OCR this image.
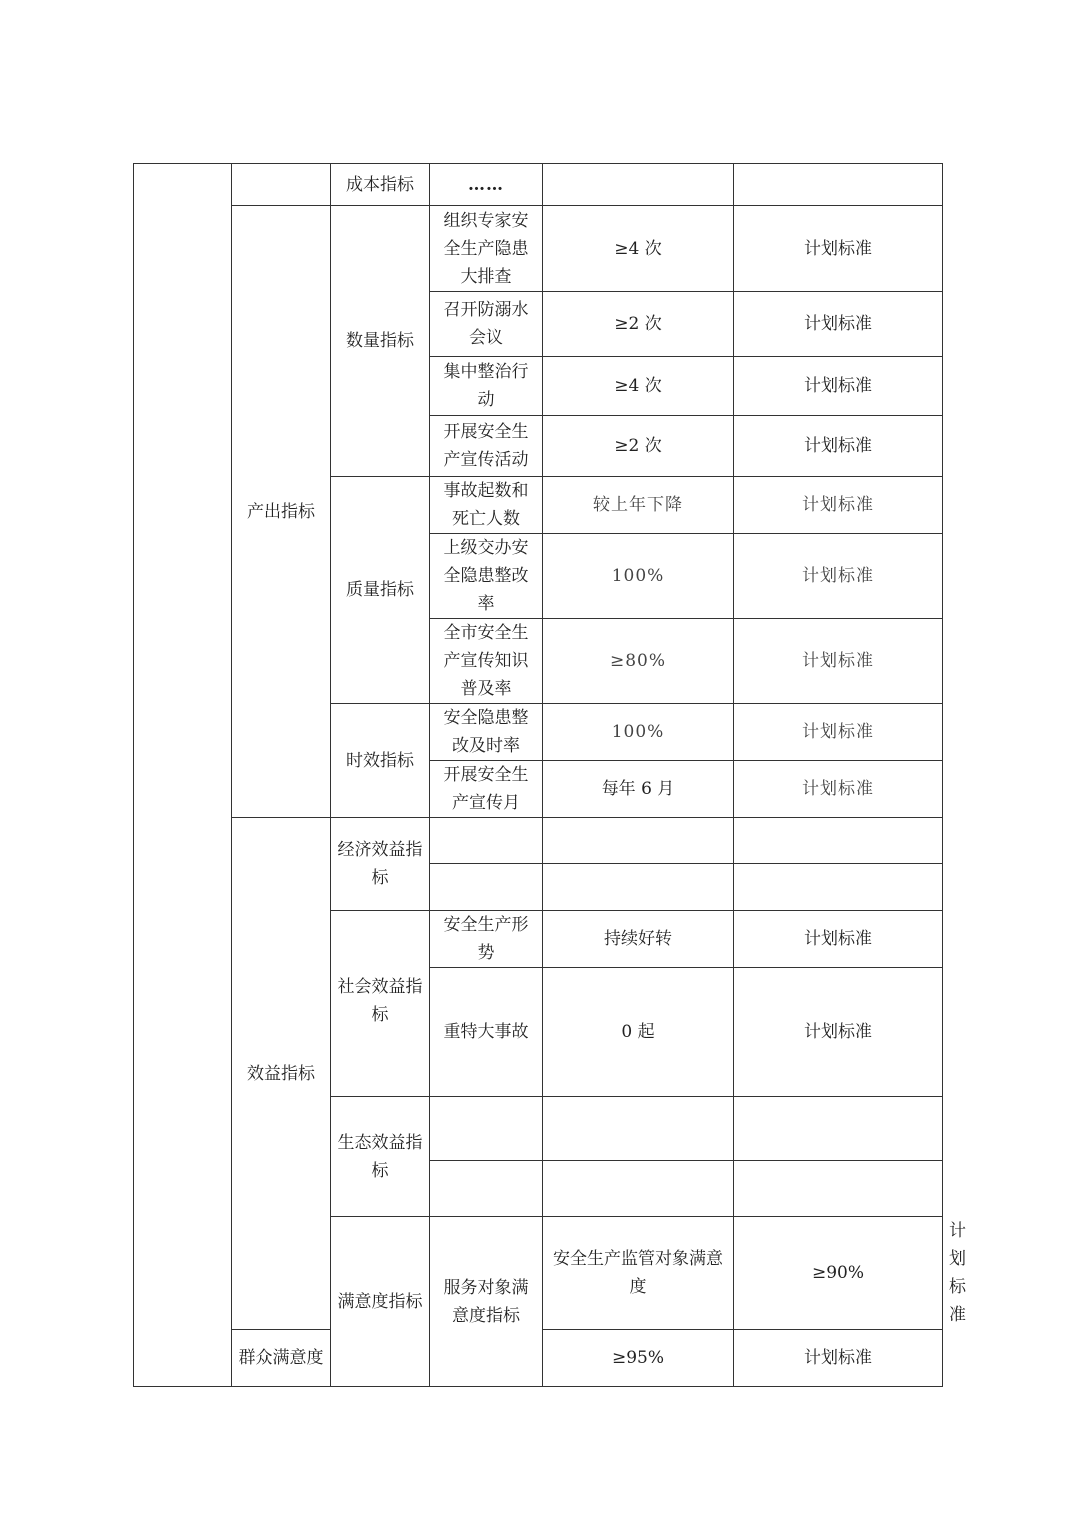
		成本指标	……			
	产出指标	数量指标	组织专家安全生产隐患大排查	≥4 次	计划标准	
			召开防溺水会议	≥2 次	计划标准	
			集中整治行动	≥4 次	计划标准	
			开展安全生产宣传活动	≥2 次	计划标准	
		质量指标	事故起数和死亡人数	较上年下降	计划标准	
			上级交办安全隐患整改率	100%	计划标准	
			全市安全生产宣传知识普及率	≥80%	计划标准	
		时效指标	安全隐患整改及时率	100%	计划标准	
			开展安全生产宣传月	每年 6 月	计划标准	
	效益指标	经济效益指标				

		社会效益指标	安全生产形势	持续好转	计划标准	
			重特大事故	0 起	计划标准	

		生态效益指标				

		满意度指标	服务对象满意度指标	安全生产监管对象满意度	≥90%	计划标准
	群众满意度			≥95%	计划标准	
